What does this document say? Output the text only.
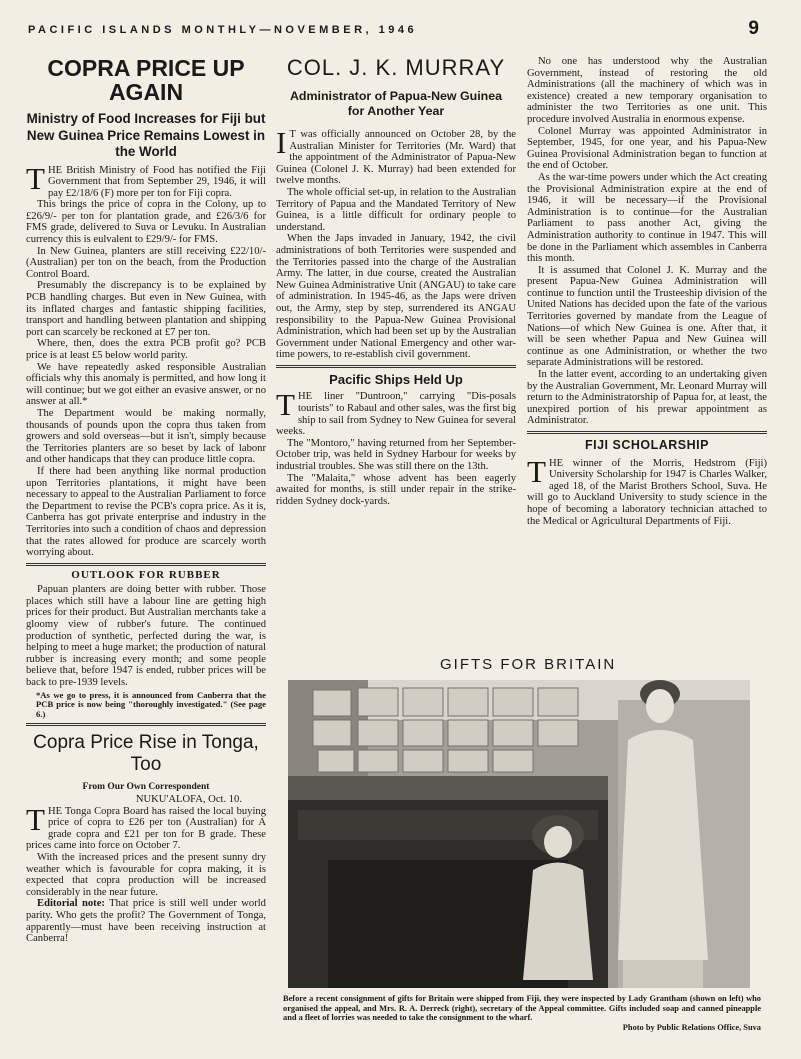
PACIFIC ISLANDS MONTHLY—NOVEMBER, 1946	9
COPRA PRICE UP
AGAIN
Ministry of Food Increases for Fiji but New Guinea Price Remains Lowest in the World

THE British Ministry of Food has notified the Fiji Government that from September 29, 1946, it will pay £2/18/6 (F) more per ton for Fiji copra.

This brings the price of copra in the Colony, up to £26/9/- per ton for plantation grade, and £26/3/6 for FMS grade, delivered to Suva or Levuku. In Australian currency this is eulvalent to £29/9/- for FMS.

In New Guinea, planters are still receiving £22/10/- (Australian) per ton on the beach, from the Production Control Board.

Presumably the discrepancy is to be explained by PCB handling charges. But even in New Guinea, with its inflated charges and fantastic shipping facilities, transport and handling between plantation and shipping port can scarcely be reckoned at £7 per ton.

Where, then, does the extra PCB profit go? PCB price is at least £5 below world parity.

We have repeatedly asked responsible Australian officials why this anomaly is permitted, and how long it will continue; but we got either an evasive answer, or no answer at all.*

The Department would be making normally, thousands of pounds upon the copra thus taken from growers and sold overseas—but it isn't, simply because the Territories planters are so beset by lack of labonr and other handicaps that they can produce little copra.

If there had been anything like normal production upon Territories plantations, it might have been necessary to appeal to the Australian Parliament to force the Department to revise the PCB's copra price. As it is, Canberra has got private enterprise and industry in the Territories into such a condition of chaos and depression that the rates allowed for produce are scarcely worth worrying about.

OUTLOOK FOR RUBBER

Papuan planters are doing better with rubber. Those places which still have a labour line are getting high prices for their product. But Australian merchants take a gloomy view of rubber's future. The continued production of synthetic, perfected during the war, is helping to meet a huge market; the production of natural rubber is increasing every month; and some people believe that, before 1947 is ended, rubber prices will be back to pre-1939 levels.

*As we go to press, it is announced from Canberra that the PCB price is now being "thoroughly investigated." (See page 6.)
Copra Price Rise in Tonga, Too
From Our Own Correspondent
NUKU'ALOFA, Oct. 10.

THE Tonga Copra Board has raised the local buying price of copra to £26 per ton (Australian) for A grade copra and £21 per ton for B grade. These prices came into force on October 7.

With the increased prices and the present sunny dry weather which is favourable for copra making, it is expected that copra production will be increased considerably in the near future.

Editorial note: That price is still well under world parity. Who gets the profit? The Government of Tonga, apparently—must have been receiving instruction at Canberra!

COL. J. K. MURRAY
Administrator of Papua-New Guinea for Another Year

I T was officially announced on October 28, by the Australian Minister for Territories (Mr. Ward) that the appointment of the Administrator of Papua-New Guinea (Colonel J. K. Murray) had been extended for twelve months.

The whole official set-up, in relation to the Australian Territory of Papua and the Mandated Territory of New Guinea, is a little difficult for ordinary people to understand.

When the Japs invaded in January, 1942, the civil administrations of both Territories were suspended and the Territories passed into the charge of the Australian Army. The latter, in due course, created the Australian New Guinea Administrative Unit (ANGAU) to take care of administration. In 1945-46, as the Japs were driven out, the Army, step by step, surrendered its ANGAU responsibility to the Papua-New Guinea Provisional Administration, which had been set up by the Australian Government under National Emergency and other war-time powers, to re-establish civil government.

Pacific Ships Held Up

THE liner "Duntroon," carrying "Dis-posals tourists" to Rabaul and other sales, was the first big ship to sail from Sydney to New Guinea for several weeks.

The "Montoro," having returned from her September-October trip, was held in Sydney Harbour for weeks by industrial troubles. She was still there on the 13th.

The "Malaita," whose advent has been eagerly awaited for months, is still under repair in the strike-ridden Sydney dock-yards.

No one has understood why the Australian Government, instead of restoring the old Administrations (all the machinery of which was in existence) created a new temporary organisation to administer the two Territories as one unit. This procedure involved Australia in enormous expense.

Colonel Murray was appointed Administrator in September, 1945, for one year, and his Papua-New Guinea Provisional Administration began to function at the end of October.

As the war-time powers under which the Act creating the Provisional Administration expire at the end of 1946, it will be necessary—if the Provisional Administration is to continue—for the Australian Parliament to pass another Act, giving the Administration authority to continue in 1947. This will be done in the Parliament which assembles in Canberra this month.

It is assumed that Colonel J. K. Murray and the present Papua-New Guinea Administration will continue to function until the Trusteeship division of the United Nations has decided upon the fate of the various Territories governed by mandate from the League of Nations—of which New Guinea is one. After that, it will be seen whether Papua and New Guinea will continue as one Administration, or whether the two separate Administrations will be restored.

In the latter event, according to an undertaking given by the Australian Government, Mr. Leonard Murray will return to the Administratorship of Papua for, at least, the unexpired portion of his prewar appointment as Administrator.

FIJI SCHOLARSHIP

THE winner of the Morris, Hedstrom (Fiji) University Scholarship for 1947 is Charles Walker, aged 18, of the Marist Brothers School, Suva. He will go to Auckland University to study science in the hope of becoming a laboratory technician attached to the Medical or Agricultural Departments of Fiji.

GIFTS FOR BRITAIN
Before a recent consignment of gifts for Britain were shipped from Fiji, they were inspected by Lady Grantham (shown on left) who organised the appeal, and Mrs. R. A. Derreck (right), secretary of the Appeal committee. Gifts included soap and canned pineapple and a fleet of lorries was needed to take the consignment to the wharf.
Photo by Public Relations Office, Suva
